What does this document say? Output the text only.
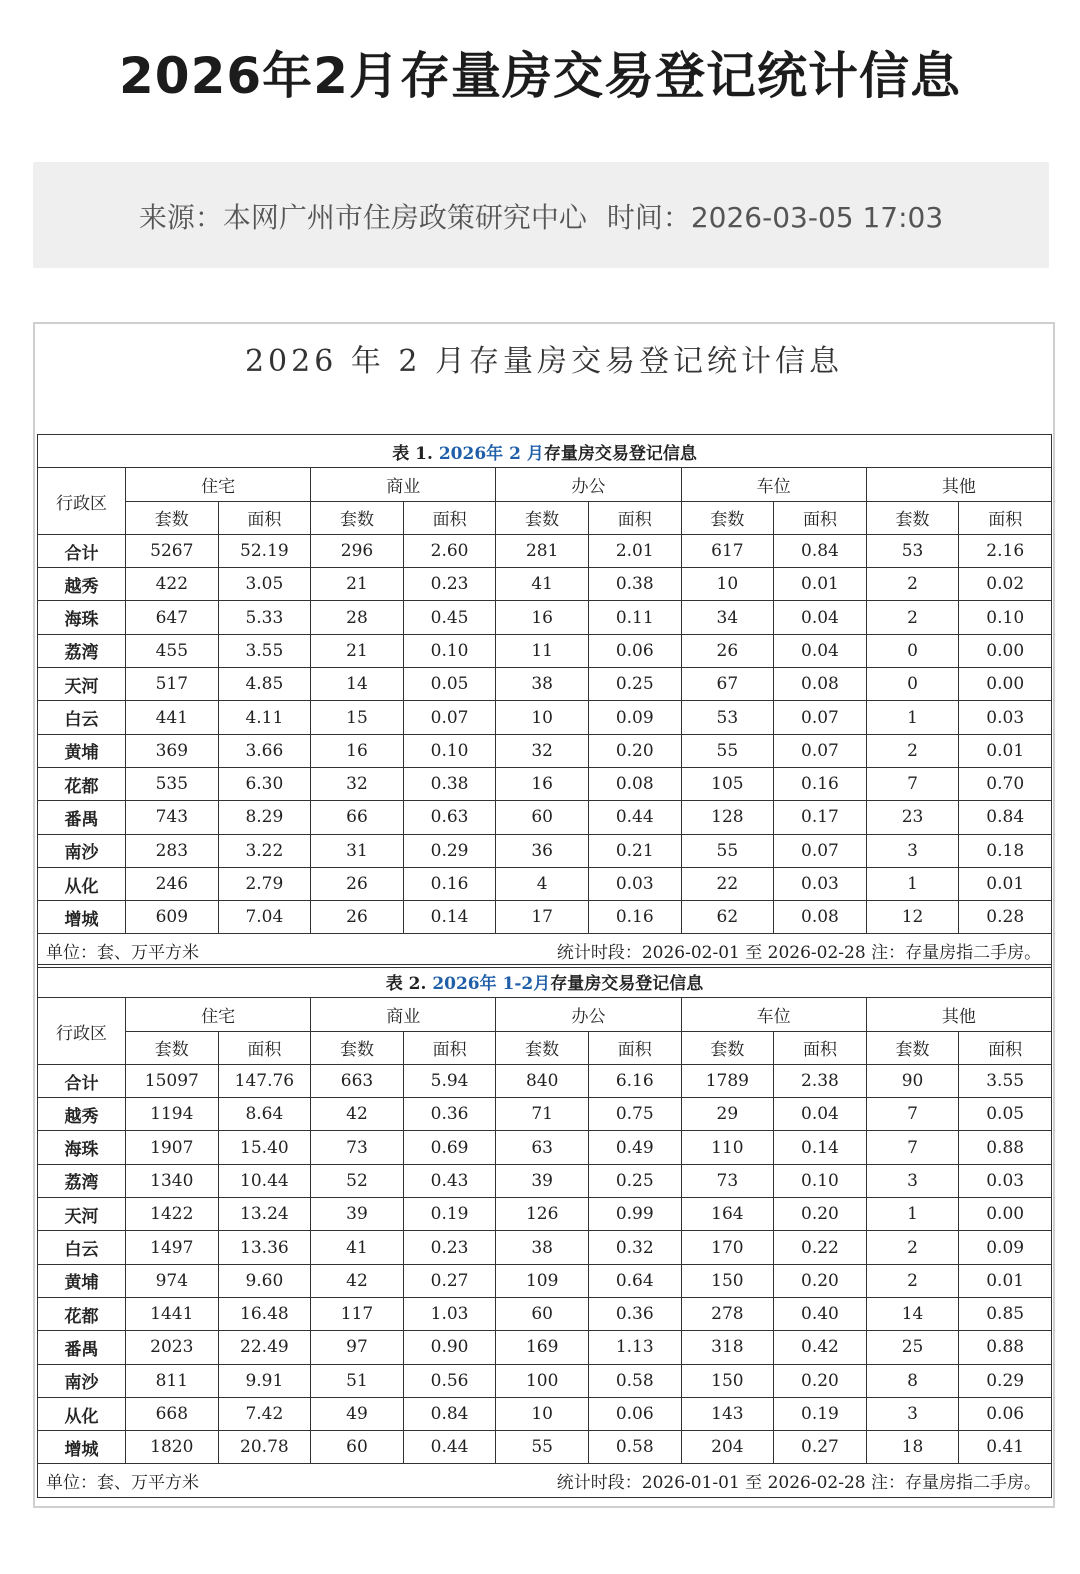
2026年2月存量房交易登记统计信息
来源：本网广州市住房政策研究中心 时间：2026-03-05 17:03
2026 年 2 月存量房交易登记统计信息
表 1. 2026年 2 月存量房交易登记信息										
行政区	住宅		商业		办公		车位		其他	
	套数	面积	套数	面积	套数	面积	套数	面积	套数	面积
合计	5267	52.19	296	2.60	281	2.01	617	0.84	53	2.16
越秀	422	3.05	21	0.23	41	0.38	10	0.01	2	0.02
海珠	647	5.33	28	0.45	16	0.11	34	0.04	2	0.10
荔湾	455	3.55	21	0.10	11	0.06	26	0.04	0	0.00
天河	517	4.85	14	0.05	38	0.25	67	0.08	0	0.00
白云	441	4.11	15	0.07	10	0.09	53	0.07	1	0.03
黄埔	369	3.66	16	0.10	32	0.20	55	0.07	2	0.01
花都	535	6.30	32	0.38	16	0.08	105	0.16	7	0.70
番禺	743	8.29	66	0.63	60	0.44	128	0.17	23	0.84
南沙	283	3.22	31	0.29	36	0.21	55	0.07	3	0.18
从化	246	2.79	26	0.16	4	0.03	22	0.03	1	0.01
增城	609	7.04	26	0.14	17	0.16	62	0.08	12	0.28

单位：套、万平方米 统计时段：2026-02-01 至 2026-02-28 注：存量房指二手房。										
表 2. 2026年 1-2月存量房交易登记信息										
行政区	住宅		商业		办公		车位		其他	
	套数	面积	套数	面积	套数	面积	套数	面积	套数	面积
合计	15097	147.76	663	5.94	840	6.16	1789	2.38	90	3.55
越秀	1194	8.64	42	0.36	71	0.75	29	0.04	7	0.05
海珠	1907	15.40	73	0.69	63	0.49	110	0.14	7	0.88
荔湾	1340	10.44	52	0.43	39	0.25	73	0.10	3	0.03
天河	1422	13.24	39	0.19	126	0.99	164	0.20	1	0.00
白云	1497	13.36	41	0.23	38	0.32	170	0.22	2	0.09
黄埔	974	9.60	42	0.27	109	0.64	150	0.20	2	0.01
花都	1441	16.48	117	1.03	60	0.36	278	0.40	14	0.85
番禺	2023	22.49	97	0.90	169	1.13	318	0.42	25	0.88
南沙	811	9.91	51	0.56	100	0.58	150	0.20	8	0.29
从化	668	7.42	49	0.84	10	0.06	143	0.19	3	0.06
增城	1820	20.78	60	0.44	55	0.58	204	0.27	18	0.41

单位：套、万平方米 统计时段：2026-01-01 至 2026-02-28 注：存量房指二手房。										
